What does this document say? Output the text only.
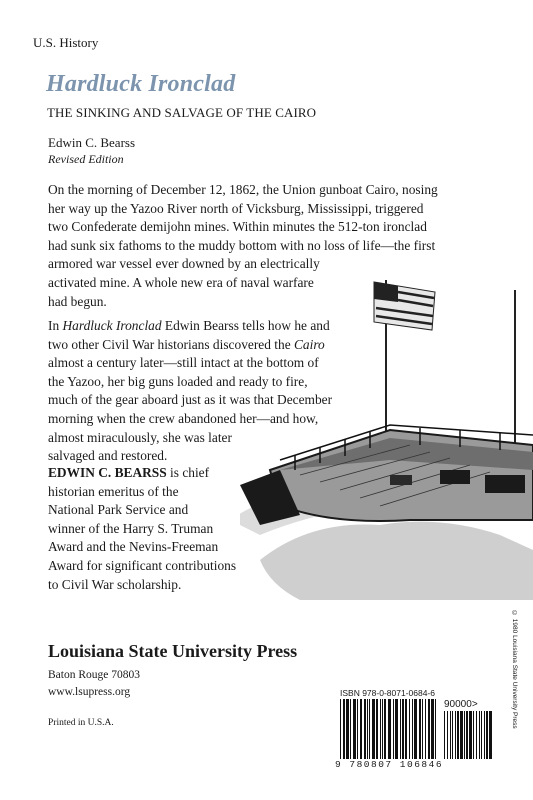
U.S. History
Hardluck Ironclad
THE SINKING AND SALVAGE OF THE CAIRO
Edwin C. Bearss
Revised Edition
On the morning of December 12, 1862, the Union gunboat Cairo, nosing
her way up the Yazoo River north of Vicksburg, Mississippi, triggered
two Confederate demijohn mines. Within minutes the 512-ton ironclad
had sunk six fathoms to the muddy bottom with no loss of life—the first
armored war vessel ever downed by an electrically
activated mine. A whole new era of naval warfare
had begun.
In Hardluck Ironclad Edwin Bearss tells how he and
two other Civil War historians discovered the Cairo
almost a century later—still intact at the bottom of
the Yazoo, her big guns loaded and ready to fire,
much of the gear aboard just as it was that December
morning when the crew abandoned her—and how,
almost miraculously, she was later
salvaged and restored.
EDWIN C. BEARSS is chief
historian emeritus of the
National Park Service and
winner of the Harry S. Truman
Award and the Nevins-Freeman
Award for significant contributions
to Civil War scholarship.
Louisiana State University Press
Baton Rouge 70803
www.lsupress.org
Printed in U.S.A.
ISBN 978-0-8071-0684-6
90000>
9 780807 106846
© 1980 Louisiana State University Press
